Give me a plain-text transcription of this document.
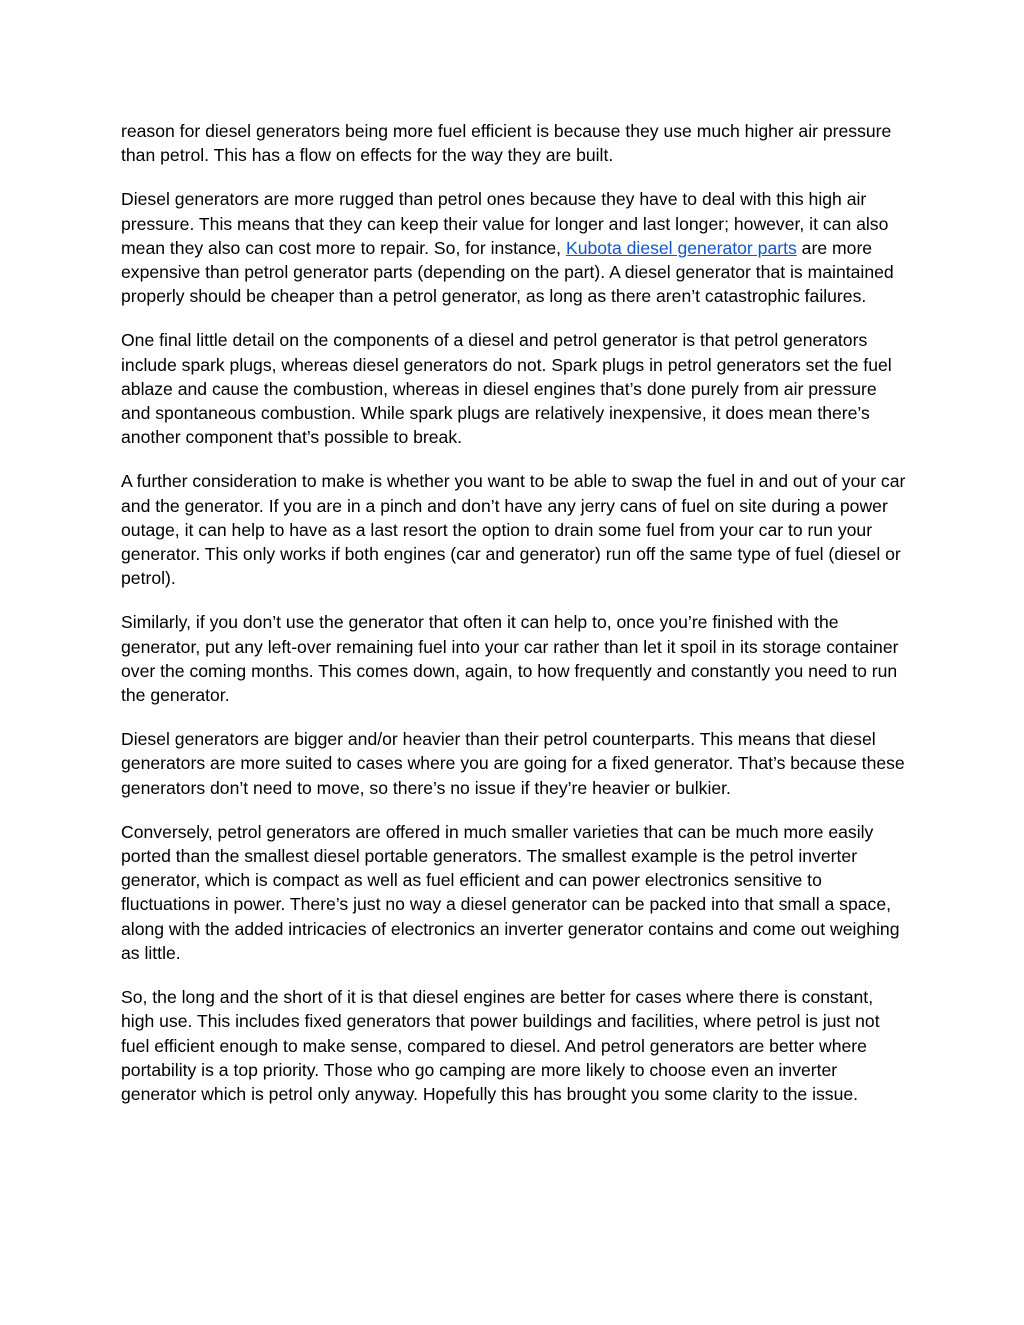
reason for diesel generators being more fuel efficient is because they use much higher air pressure than petrol. This has a flow on effects for the way they are built.

Diesel generators are more rugged than petrol ones because they have to deal with this high air pressure. This means that they can keep their value for longer and last longer; however, it can also mean they also can cost more to repair. So, for instance, Kubota diesel generator parts are more expensive than petrol generator parts (depending on the part). A diesel generator that is maintained properly should be cheaper than a petrol generator, as long as there aren’t catastrophic failures.

One final little detail on the components of a diesel and petrol generator is that petrol generators include spark plugs, whereas diesel generators do not. Spark plugs in petrol generators set the fuel ablaze and cause the combustion, whereas in diesel engines that’s done purely from air pressure and spontaneous combustion. While spark plugs are relatively inexpensive, it does mean there’s another component that’s possible to break.

A further consideration to make is whether you want to be able to swap the fuel in and out of your car and the generator. If you are in a pinch and don’t have any jerry cans of fuel on site during a power outage, it can help to have as a last resort the option to drain some fuel from your car to run your generator. This only works if both engines (car and generator) run off the same type of fuel (diesel or petrol).

Similarly, if you don’t use the generator that often it can help to, once you’re finished with the generator, put any left-over remaining fuel into your car rather than let it spoil in its storage container over the coming months. This comes down, again, to how frequently and constantly you need to run the generator.

Diesel generators are bigger and/or heavier than their petrol counterparts. This means that diesel generators are more suited to cases where you are going for a fixed generator. That’s because these generators don’t need to move, so there’s no issue if they’re heavier or bulkier.

Conversely, petrol generators are offered in much smaller varieties that can be much more easily ported than the smallest diesel portable generators. The smallest example is the petrol inverter generator, which is compact as well as fuel efficient and can power electronics sensitive to fluctuations in power. There’s just no way a diesel generator can be packed into that small a space, along with the added intricacies of electronics an inverter generator contains and come out weighing as little.

So, the long and the short of it is that diesel engines are better for cases where there is constant, high use. This includes fixed generators that power buildings and facilities, where petrol is just not fuel efficient enough to make sense, compared to diesel. And petrol generators are better where portability is a top priority. Those who go camping are more likely to choose even an inverter generator which is petrol only anyway. Hopefully this has brought you some clarity to the issue.
